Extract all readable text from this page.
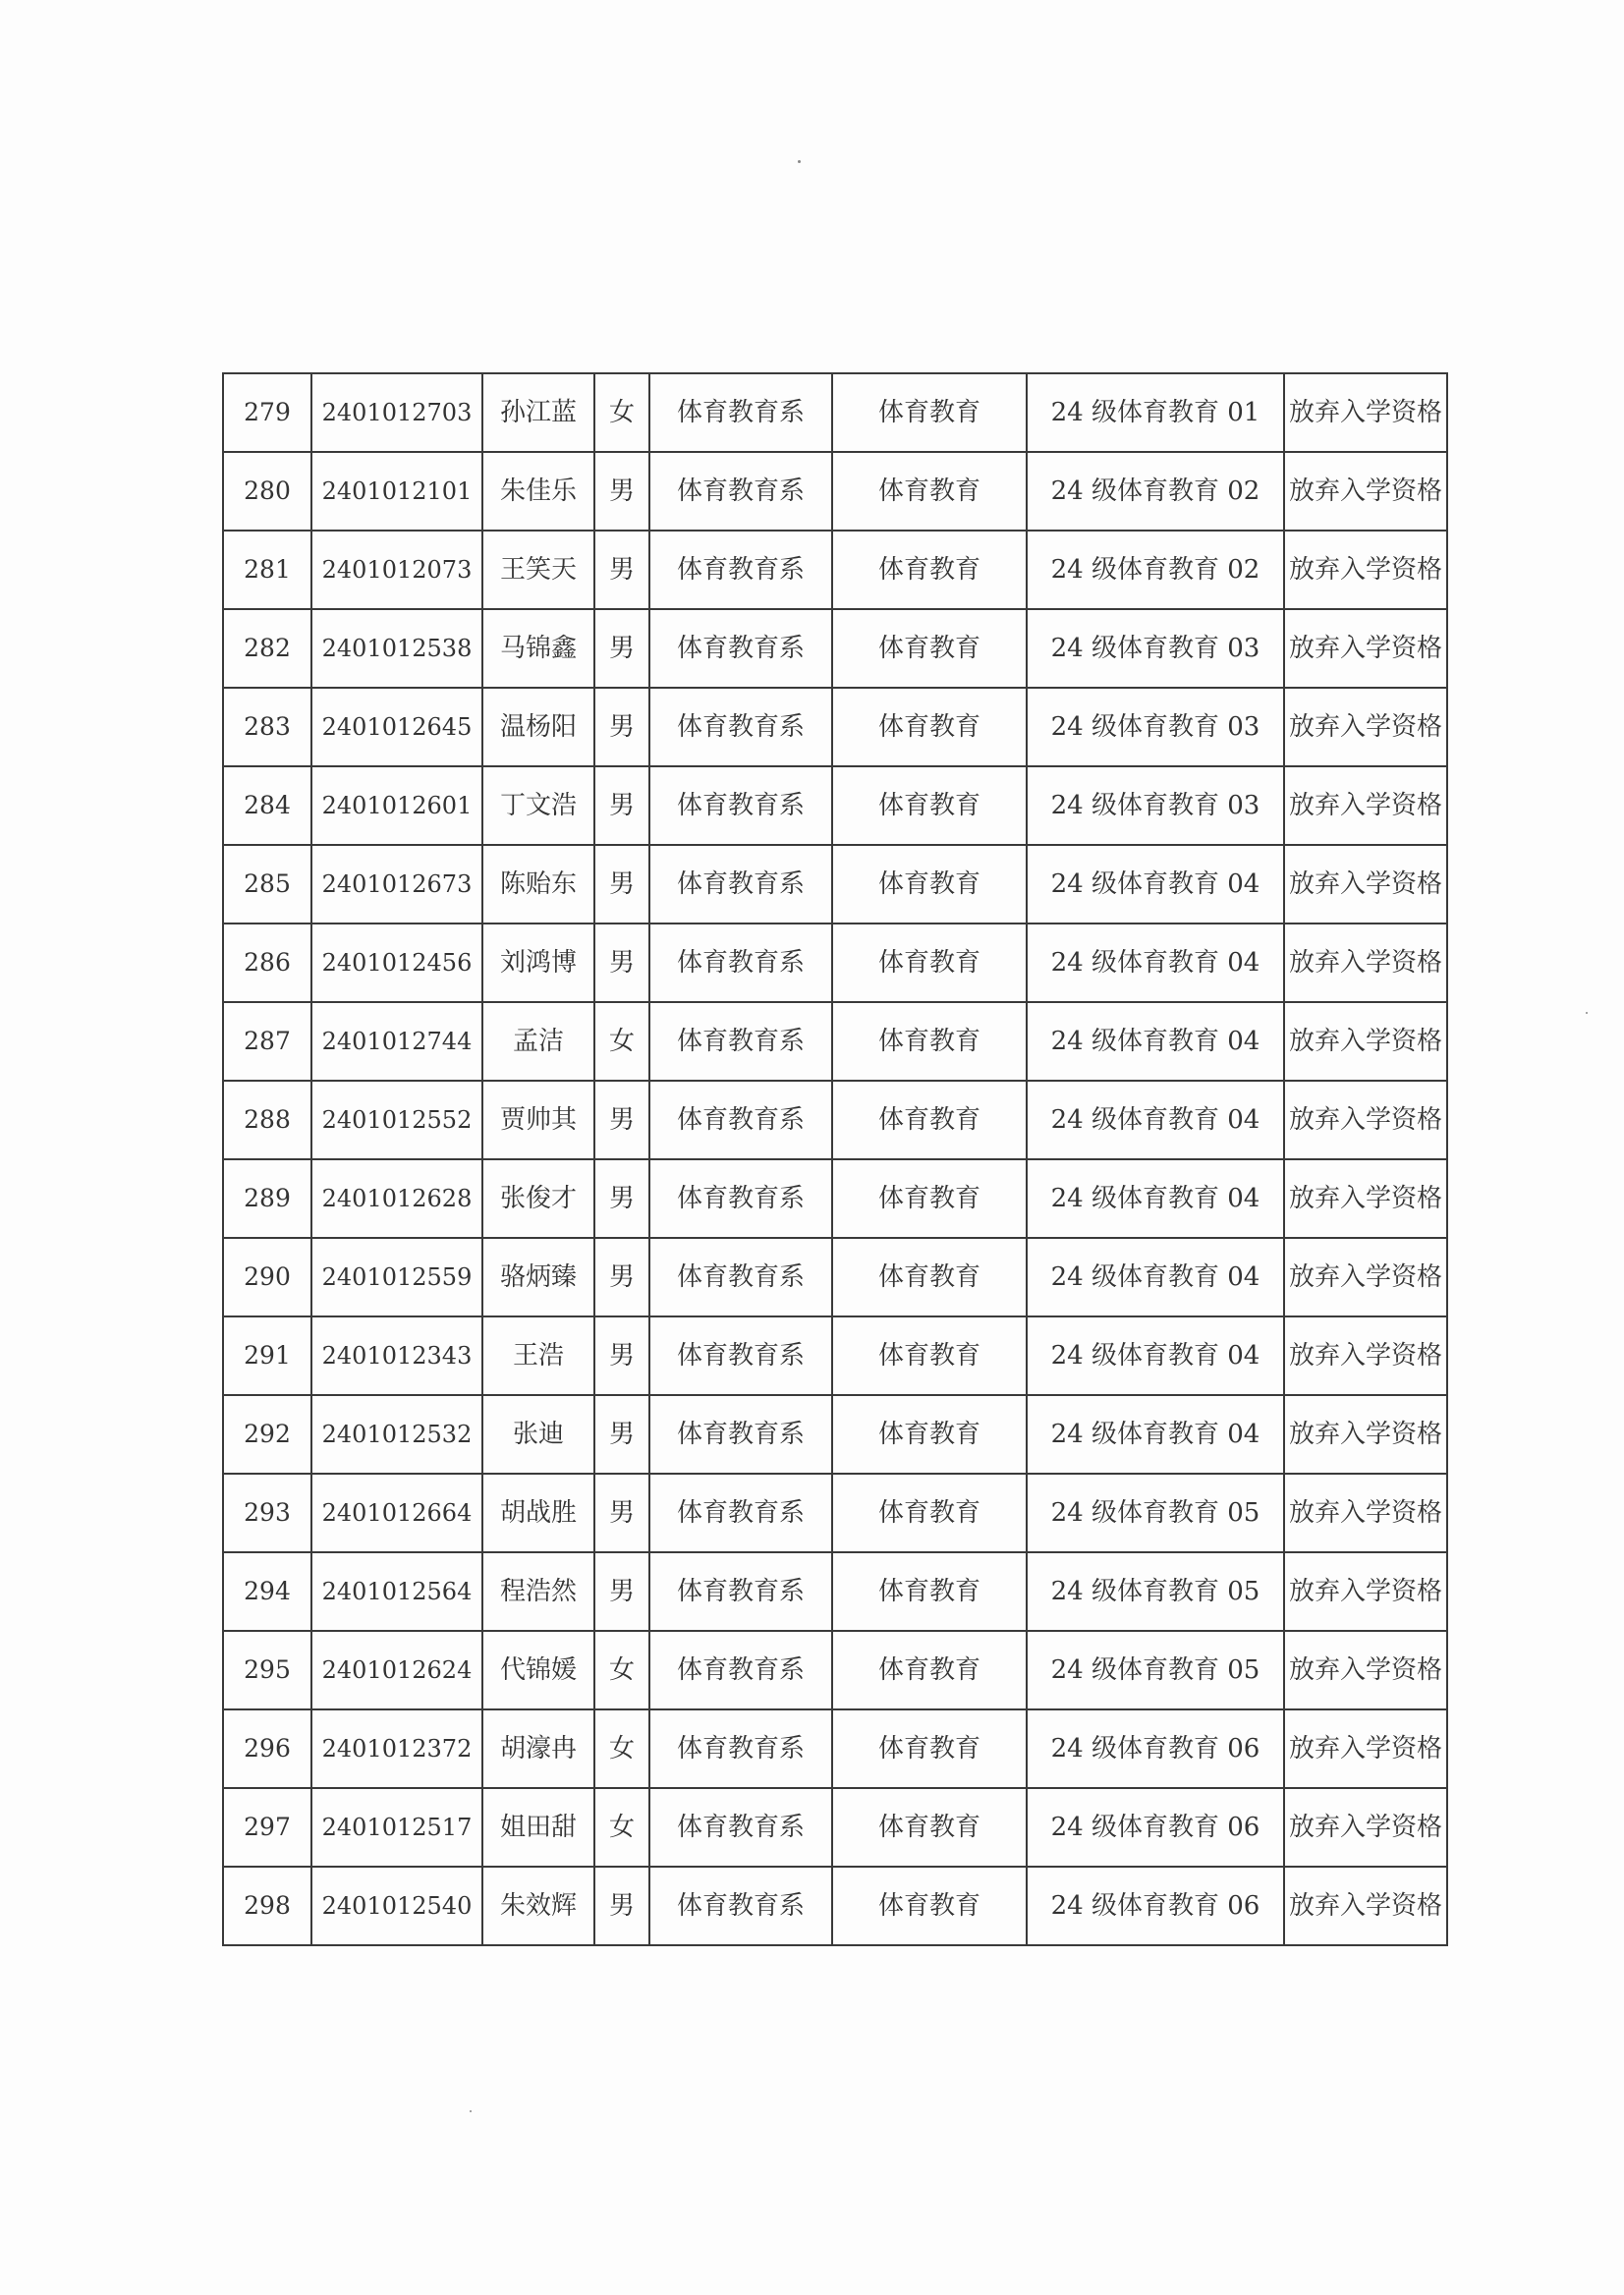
279	2401012703	孙江蓝	女	体育教育系	体育教育	24 级体育教育 01	放弃入学资格
280	2401012101	朱佳乐	男	体育教育系	体育教育	24 级体育教育 02	放弃入学资格
281	2401012073	王笑天	男	体育教育系	体育教育	24 级体育教育 02	放弃入学资格
282	2401012538	马锦鑫	男	体育教育系	体育教育	24 级体育教育 03	放弃入学资格
283	2401012645	温杨阳	男	体育教育系	体育教育	24 级体育教育 03	放弃入学资格
284	2401012601	丁文浩	男	体育教育系	体育教育	24 级体育教育 03	放弃入学资格
285	2401012673	陈贻东	男	体育教育系	体育教育	24 级体育教育 04	放弃入学资格
286	2401012456	刘鸿博	男	体育教育系	体育教育	24 级体育教育 04	放弃入学资格
287	2401012744	孟洁	女	体育教育系	体育教育	24 级体育教育 04	放弃入学资格
288	2401012552	贾帅其	男	体育教育系	体育教育	24 级体育教育 04	放弃入学资格
289	2401012628	张俊才	男	体育教育系	体育教育	24 级体育教育 04	放弃入学资格
290	2401012559	骆炳臻	男	体育教育系	体育教育	24 级体育教育 04	放弃入学资格
291	2401012343	王浩	男	体育教育系	体育教育	24 级体育教育 04	放弃入学资格
292	2401012532	张迪	男	体育教育系	体育教育	24 级体育教育 04	放弃入学资格
293	2401012664	胡战胜	男	体育教育系	体育教育	24 级体育教育 05	放弃入学资格
294	2401012564	程浩然	男	体育教育系	体育教育	24 级体育教育 05	放弃入学资格
295	2401012624	代锦媛	女	体育教育系	体育教育	24 级体育教育 05	放弃入学资格
296	2401012372	胡濠冉	女	体育教育系	体育教育	24 级体育教育 06	放弃入学资格
297	2401012517	姐田甜	女	体育教育系	体育教育	24 级体育教育 06	放弃入学资格
298	2401012540	朱效辉	男	体育教育系	体育教育	24 级体育教育 06	放弃入学资格
